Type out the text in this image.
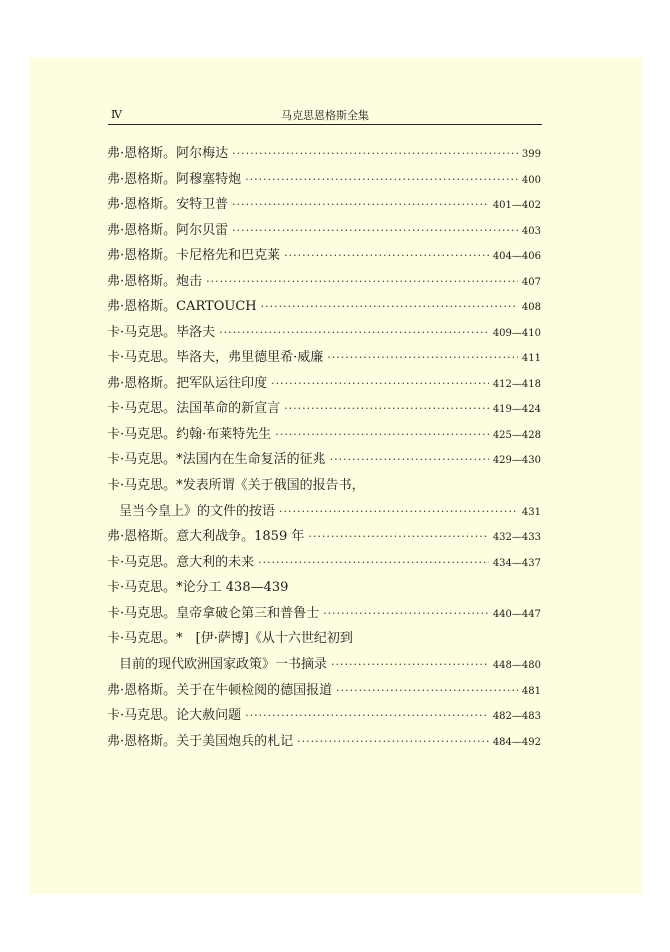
Ⅳ	马克思恩格斯全集
弗·恩格斯。 阿尔梅达 ·····	399
弗·恩格斯。 阿穆塞特炮 ·····	400
弗·恩格斯。 安特卫普 ·····	401—402
弗·恩格斯。 阿尔贝雷 ·····	403
弗·恩格斯。 卡尼格先和巴克莱 ·····	404—406
弗·恩格斯。 炮击 ·····	407
弗·恩格斯。 CARTOUCH ·····	408
卡·马克思。 毕洛夫 ·····	409—410
卡·马克思。 毕洛夫，弗里德里希·威廉 ·····	411
弗·恩格斯。 把军队运往印度 ·····	412—418
卡·马克思。 法国革命的新宣言 ·····	419—424
卡·马克思。 约翰·布莱特先生 ·····	425—428
卡·马克思。 *法国内在生命复活的征兆 ·····	429—430
卡·马克思。 *发表所谓《关于俄国的报告书，
呈当今皇上》的文件的按语 ·····	431
弗·恩格斯。 意大利战争。1859 年 ·····	432—433
卡·马克思。 意大利的未来 ·····	434—437
卡·马克思。 *论分工 438—439
卡·马克思。 皇帝拿破仑第三和普鲁士 ·····	440—447
卡·马克思。 *　[伊·萨博]《从十六世纪初到
目前的现代欧洲国家政策》一书摘录 ·····	448—480
弗·恩格斯。 关于在牛顿检阅的德国报道 ·····	481
卡·马克思。 论大赦问题 ·····	482—483
弗·恩格斯。 关于美国炮兵的札记 ·····	484—492
